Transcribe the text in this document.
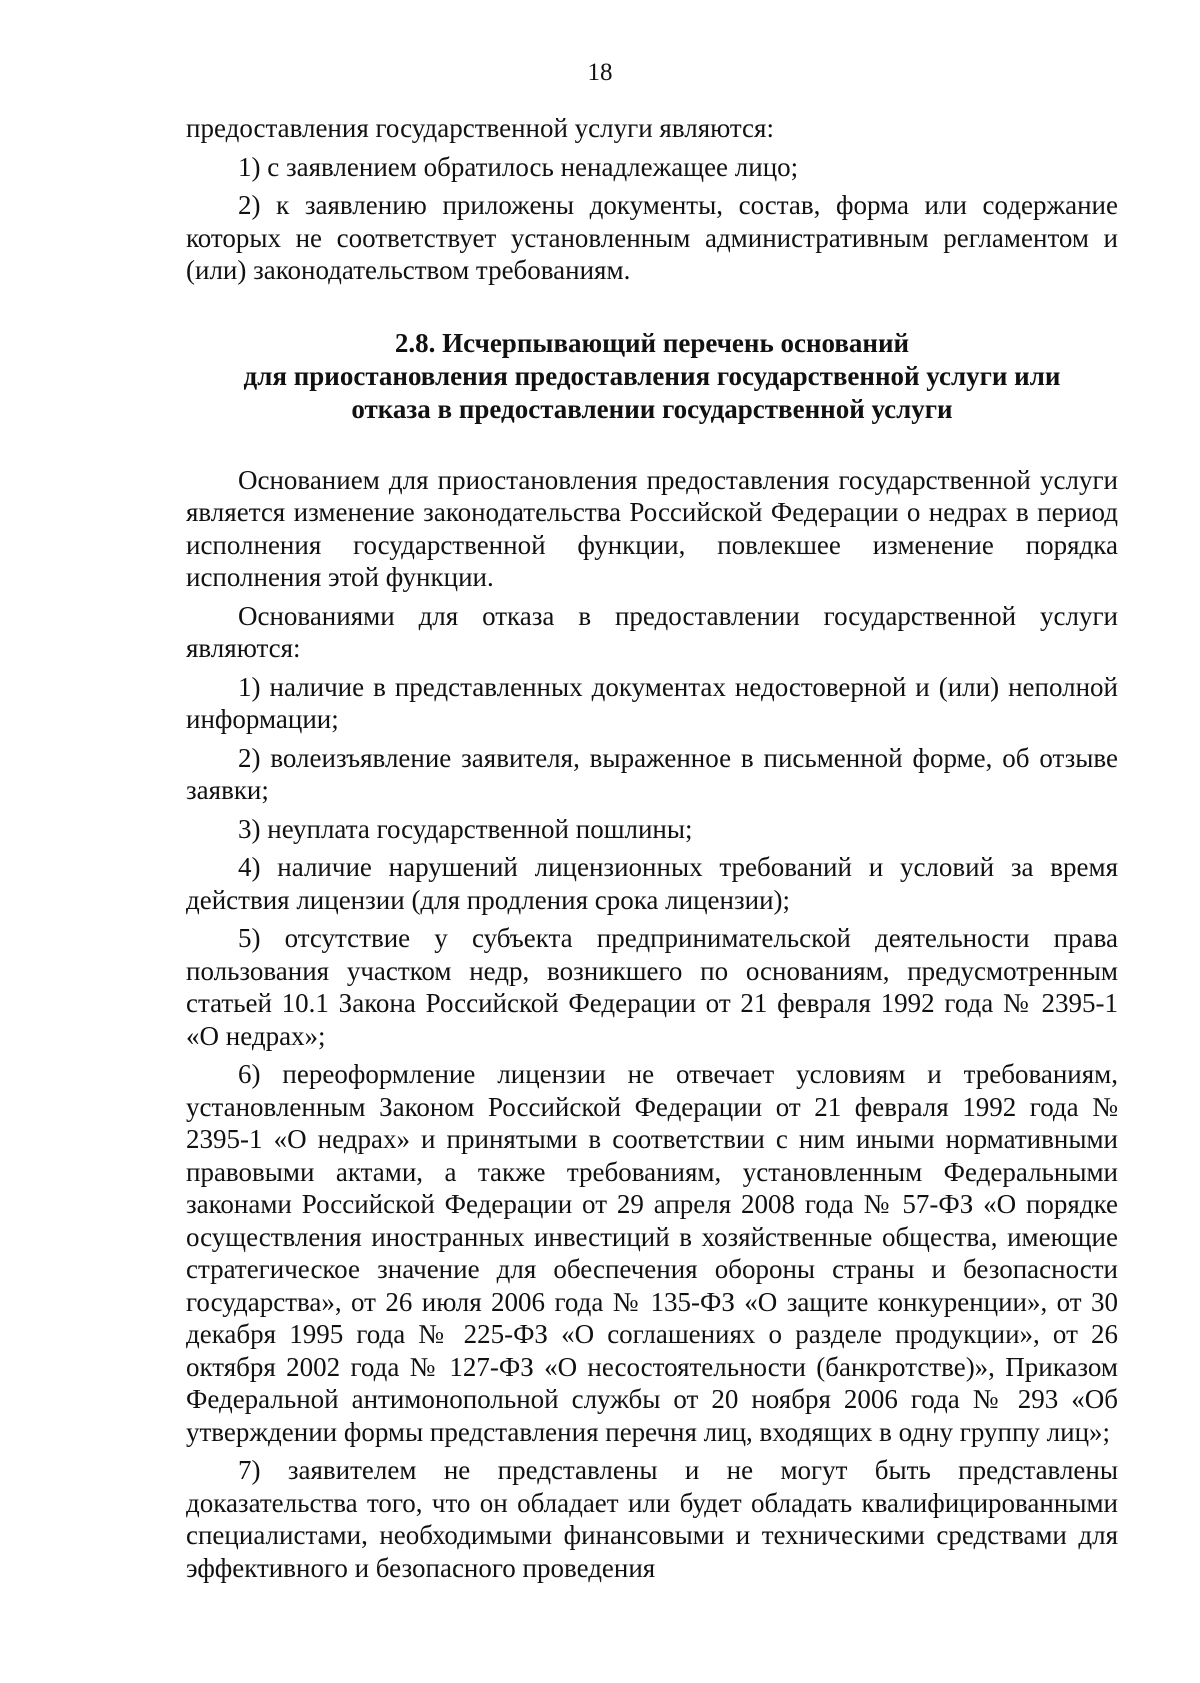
18

предоставления государственной услуги являются:

1) с заявлением обратилось ненадлежащее лицо;

2) к заявлению приложены документы, состав, форма или содержание которых не соответствует установленным административным регламентом и (или) законодательством требованиям.

2.8. Исчерпывающий перечень оснований
для приостановления предоставления государственной услуги или
отказа в предоставлении государственной услуги

Основанием для приостановления предоставления государственной услуги является изменение законодательства Российской Федерации о недрах в период исполнения государственной функции, повлекшее изменение порядка исполнения этой функции.

Основаниями для отказа в предоставлении государственной услуги являются:

1) наличие в представленных документах недостоверной и (или) неполной информации;

2) волеизъявление заявителя, выраженное в письменной форме, об отзыве заявки;

3) неуплата государственной пошлины;

4) наличие нарушений лицензионных требований и условий за время действия лицензии (для продления срока лицензии);

5) отсутствие у субъекта предпринимательской деятельности права пользования участком недр, возникшего по основаниям, предусмотренным статьей 10.1 Закона Российской Федерации от 21 февраля 1992 года № 2395-1 «О недрах»;

6) переоформление лицензии не отвечает условиям и требованиям, установленным Законом Российской Федерации от 21 февраля 1992 года № 2395-1 «О недрах» и принятыми в соответствии с ним иными нормативными правовыми актами, а также требованиям, установленным Федеральными законами Российской Федерации от 29 апреля 2008 года № 57-ФЗ «О порядке осуществления иностранных инвестиций в хозяйственные общества, имеющие стратегическое значение для обеспечения обороны страны и безопасности государства», от 26 июля 2006 года № 135-ФЗ «О защите конкуренции», от 30 декабря 1995 года № 225-ФЗ «О соглашениях о разделе продукции», от 26 октября 2002 года № 127-ФЗ «О несостоятельности (банкротстве)», Приказом Федеральной антимонопольной службы от 20 ноября 2006 года № 293 «Об утверждении формы представления перечня лиц, входящих в одну группу лиц»;

7) заявителем не представлены и не могут быть представлены доказательства того, что он обладает или будет обладать квалифицированными специалистами, необходимыми финансовыми и техническими средствами для эффективного и безопасного проведения
